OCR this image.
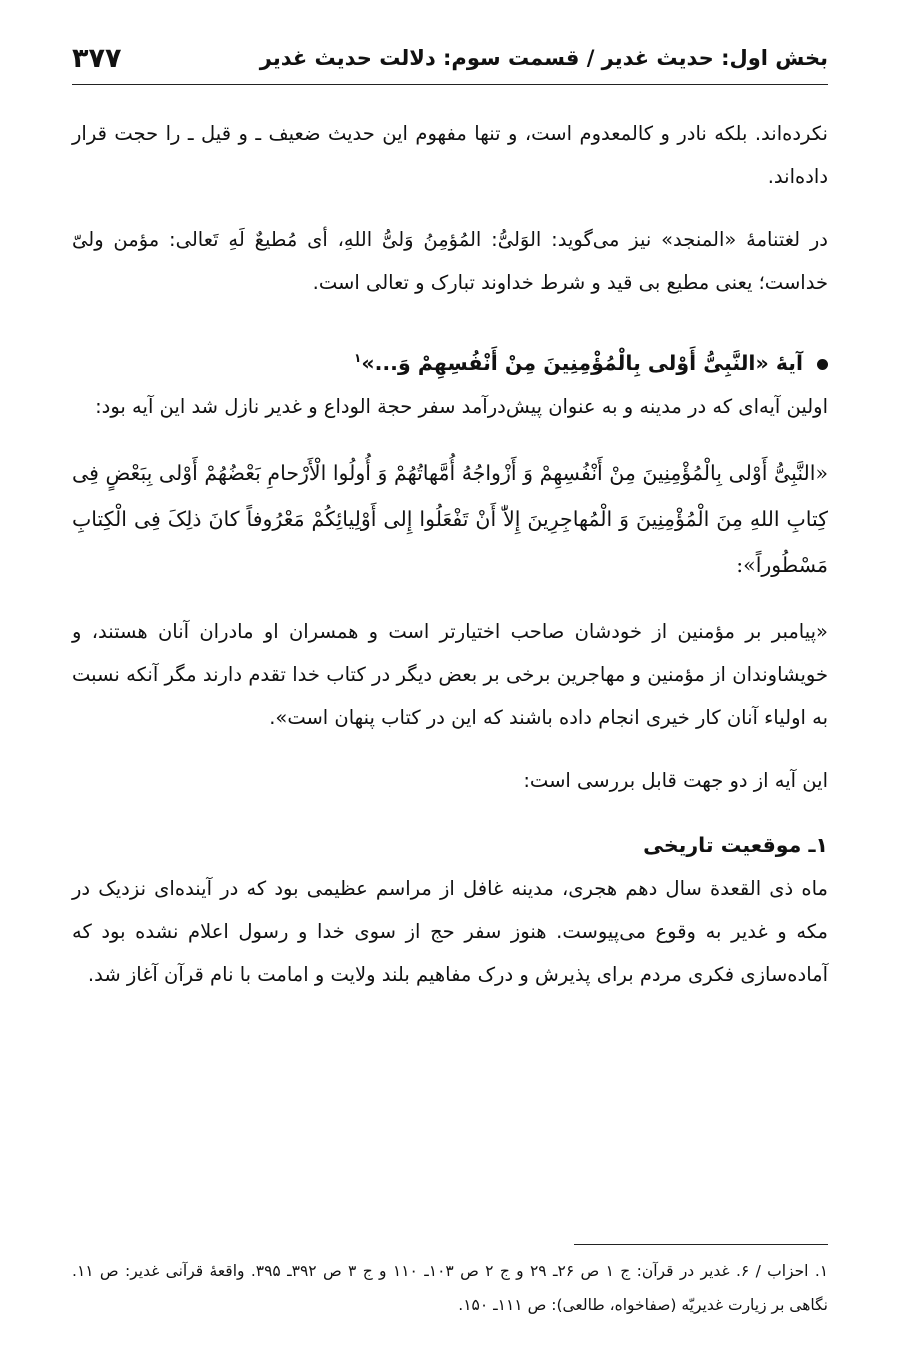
بخش اول: حدیث غدیر / قسمت سوم: دلالت حدیث غدیر
۳۷۷

نکرده‌اند. بلکه نادر و کالمعدوم است، و تنها مفهوم این حدیث ضعیف ـ و قیل ـ را حجت قرار داده‌اند.

در لغتنامۀ «المنجد» نیز می‌گوید: الوَلیُّ: المُؤمِنُ وَلیُّ اللهِ، أی مُطیعٌ لَهِ تَعالی: مؤمن ولیّ خداست؛ یعنی مطیع بی قید و شرط خداوند تبارک و تعالی است.

آیۀ «النَّبِیُّ أَوْلی بِالْمُؤْمِنِینَ مِنْ أَنْفُسِهِمْ وَ...»$^۱$

اولین آیه‌ای که در مدینه و به عنوان پیش‌درآمد سفر حجة الوداع و غدیر نازل شد این آیه بود:

«النَّبِیُّ أَوْلی بِالْمُؤْمِنِینَ مِنْ أَنْفُسِهِمْ وَ أَزْواجُهُ أُمَّهاتُهُمْ وَ أُولُوا الْأَرْحامِ بَعْضُهُمْ أَوْلی بِبَعْضٍ فِی کِتابِ اللهِ مِنَ الْمُؤْمِنِینَ وَ الْمُهاجِرِینَ إِلاّٰ أَنْ تَفْعَلُوا إِلی أَوْلِیائِکُمْ مَعْرُوفاً کانَ ذلِکَ فِی الْکِتابِ مَسْطُوراً»:

«پیامبر بر مؤمنین از خودشان صاحب اختیارتر است و همسران او مادران آنان هستند، و خویشاوندان از مؤمنین و مهاجرین برخی بر بعض دیگر در کتاب خدا تقدم دارند مگر آنکه نسبت به اولیاء آنان کار خیری انجام داده باشند که این در کتاب پنهان است».

این آیه از دو جهت قابل بررسی است:

۱ـ موقعیت تاریخی

ماه ذی القعدة سال دهم هجری، مدینه غافل از مراسم عظیمی بود که در آینده‌ای نزدیک در مکه و غدیر به وقوع می‌پیوست. هنوز سفر حج از سوی خدا و رسول اعلام نشده بود که آماده‌سازی فکری مردم برای پذیرش و درک مفاهیم بلند ولایت و امامت با نام قرآن آغاز شد.

۱. احزاب / ۶. غدیر در قرآن: ج ۱ ص ۲۶ـ ۲۹ و ج ۲ ص ۱۰۳ـ ۱۱۰ و ج ۳ ص ۳۹۲ـ ۳۹۵. واقعۀ قرآنی غدیر: ص ۱۱. نگاهی بر زیارت غدیریّه (صفاخواه، طالعی): ص ۱۱۱ـ ۱۵۰.
